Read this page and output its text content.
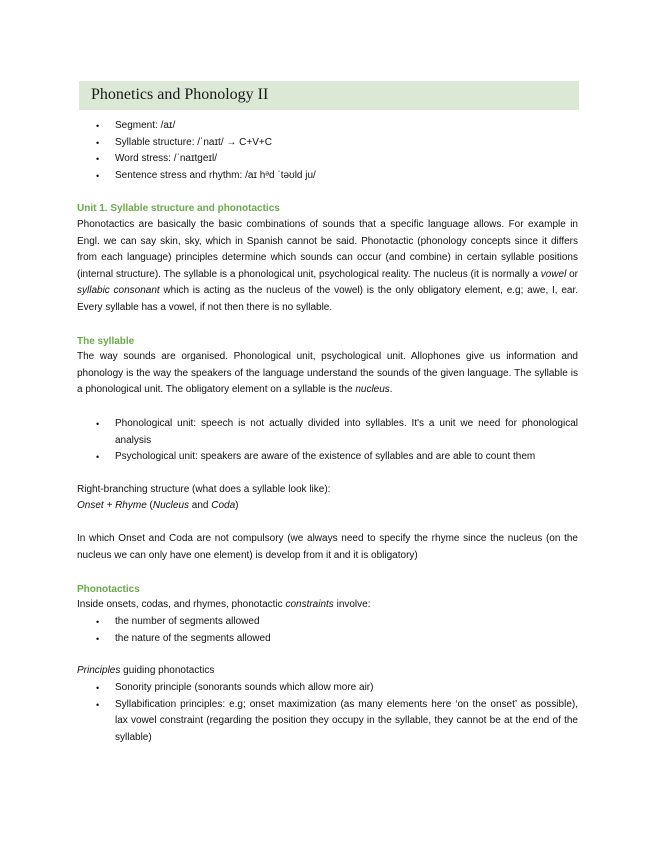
Phonetics and Phonology II
• Segment: /aɪ/
• Syllable structure: /ˈnaɪt/ → C+V+C
• Word stress: /ˈnaɪtgeɪl/
• Sentence stress and rhythm: /aɪ hᵊd ˈtəʊld ju/
Unit 1. Syllable structure and phonotactics

Phonotactics are basically the basic combinations of sounds that a specific language allows. For example in Engl. we can say skin, sky, which in Spanish cannot be said. Phonotactic (phonology concepts since it differs from each language) principles determine which sounds can occur (and combine) in certain syllable positions (internal structure). The syllable is a phonological unit, psychological reality. The nucleus (it is normally a vowel or syllabic consonant which is acting as the nucleus of the vowel) is the only obligatory element, e.g; awe, I, ear. Every syllable has a vowel, if not then there is no syllable.

The syllable

The way sounds are organised. Phonological unit, psychological unit. Allophones give us information and phonology is the way the speakers of the language understand the sounds of the given language. The syllable is a phonological unit. The obligatory element on a syllable is the nucleus.

• Phonological unit: speech is not actually divided into syllables. It's a unit we need for phonological analysis
• Psychological unit: speakers are aware of the existence of syllables and are able to count them
Right-branching structure (what does a syllable look like):
Onset + Rhyme (Nucleus and Coda)

In which Onset and Coda are not compulsory (we always need to specify the rhyme since the nucleus (on the nucleus we can only have one element) is develop from it and it is obligatory)

Phonotactics
Inside onsets, codas, and rhymes, phonotactic constraints involve:
• the number of segments allowed
• the nature of the segments allowed
Principles guiding phonotactics
• Sonority principle (sonorants sounds which allow more air)
• Syllabification principles: e.g; onset maximization (as many elements here ‘on the onset’ as possible), lax vowel constraint (regarding the position they occupy in the syllable, they cannot be at the end of the syllable)
